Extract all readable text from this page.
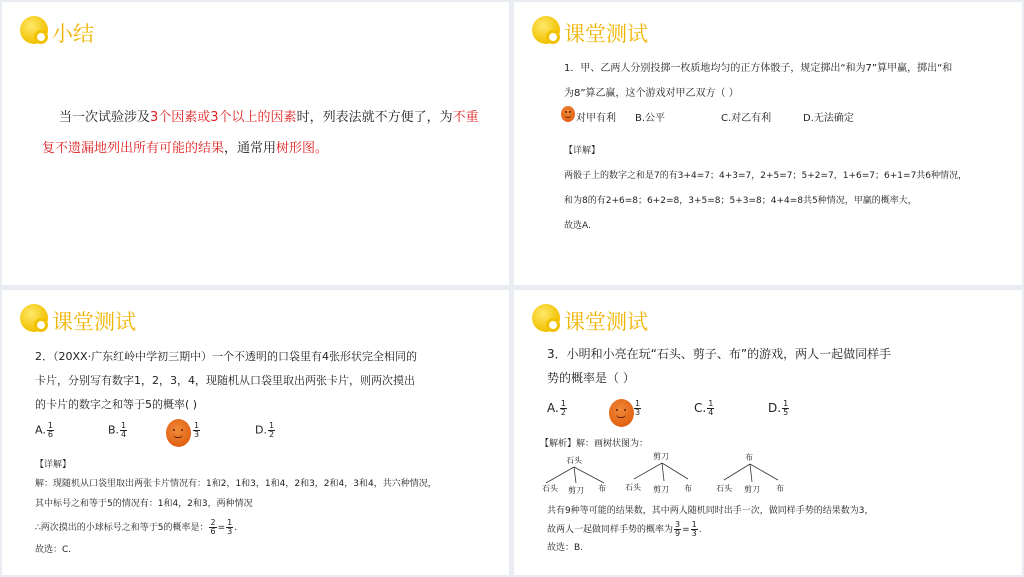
小结
当一次试验涉及3个因素或3个以上的因素时，列表法就不方便了，为不重
复不遗漏地列出所有可能的结果，通常用树形图。
课堂测试
1．甲、乙两人分别投掷一枚质地均匀的正方体骰子，规定掷出“和为7”算甲赢，掷出“和
为8”算乙赢，这个游戏对甲乙双方（ ）
对甲有利 B.公平	C.对乙有利	D.无法确定
【详解】
两骰子上的数字之和是7的有3+4=7；4+3=7，2+5=7；5+2=7，1+6=7；6+1=7共6种情况，
和为8的有2+6=8；6+2=8，3+5=8；5+3=8；4+4=8共5种情况，甲赢的概率大，
故选A.
课堂测试
2．（20XX·广东红岭中学初三期中）一个不透明的口袋里有4张形状完全相同的
卡片，分别写有数字1，2，3，4，现随机从口袋里取出两张卡片，则两次摸出
的卡片的数字之和等于5的概率( )
A. $\frac{1}{6}$	B. $\frac{1}{4}$	$\frac{1}{3}$	D. $\frac{1}{2}$
【详解】
解：现随机从口袋里取出两张卡片情况有：1和2，1和3，1和4，2和3，2和4，3和4，共六种情况，
其中标号之和等于5的情况有：1和4，2和3，两种情况
∴两次摸出的小球标号之和等于5的概率是： $\frac{2}{6} = \frac{1}{3}$ .
故选：C.
课堂测试
3．小明和小亮在玩“石头、剪子、布”的游戏，两人一起做同样手
势的概率是（ ）
A. $\frac{1}{2}$	$\frac{1}{3}$	C. $\frac{1}{4}$	D. $\frac{1}{5}$
【解析】解：画树状图为：
石头
石头 剪刀 布
剪刀
石头 剪刀 布
布
石头 剪刀 布
共有9种等可能的结果数，其中两人随机同时出手一次，做同样手势的结果数为3，
故两人一起做同样手势的概率为 $\frac{3}{9} = \frac{1}{3}$ .
故选：B.
